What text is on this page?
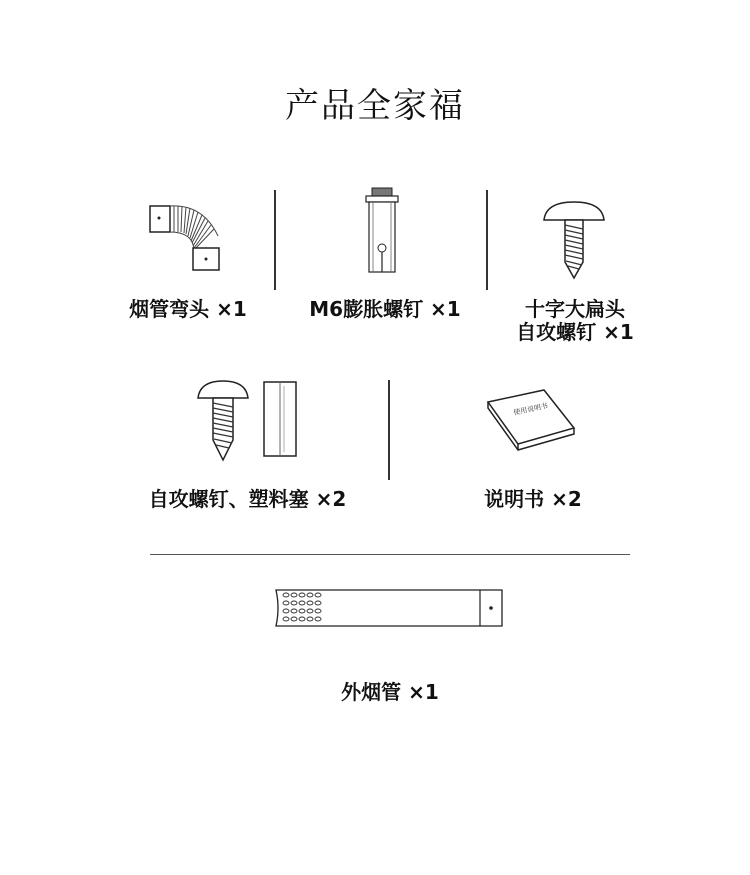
产品全家福
烟管弯头 ×1	M6膨胀螺钉 ×1	十字大扁头
自攻螺钉 ×1
使用说明书
自攻螺钉、塑料塞 ×2	说明书 ×2
外烟管 ×1
